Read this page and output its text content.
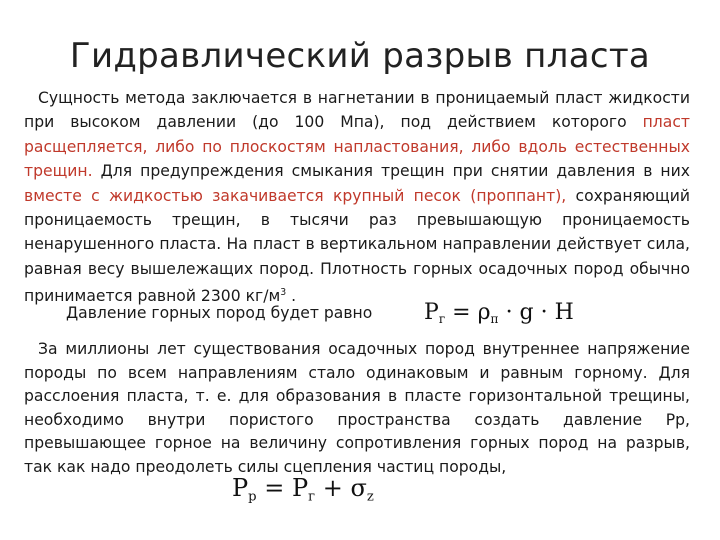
Гидравлический разрыв пласта

Сущность метода заключается в нагнетании в проницаемый пласт жидкости при высоком давлении (до 100 Мпа), под действием которого пласт расщепляется, либо по плоскостям напластования, либо вдоль естественных трещин. Для предупреждения смыкания трещин при снятии давления в них вместе с жидкостью закачивается крупный песок (проппант), сохраняющий проницаемость трещин, в тысячи раз превышающую проницаемость ненарушенного пласта. На пласт в вертикальном направлении действует сила, равная весу вышележащих пород. Плотность горных осадочных пород обычно принимается равной 2300 $кг/м^3$ .

Давление горных пород будет равно $P_г = \rho_п \cdot g \cdot H$

За миллионы лет существования осадочных пород внутреннее напряжение породы по всем направлениям стало одинаковым и равным горному. Для расслоения пласта, т. е. для образования в пласте горизонтальной трещины, необходимо внутри пористого пространства создать давление Рр, превышающее горное на величину сопротивления горных пород на разрыв, так как надо преодолеть силы сцепления частиц породы,

$P_р = P_г + \sigma_z$
